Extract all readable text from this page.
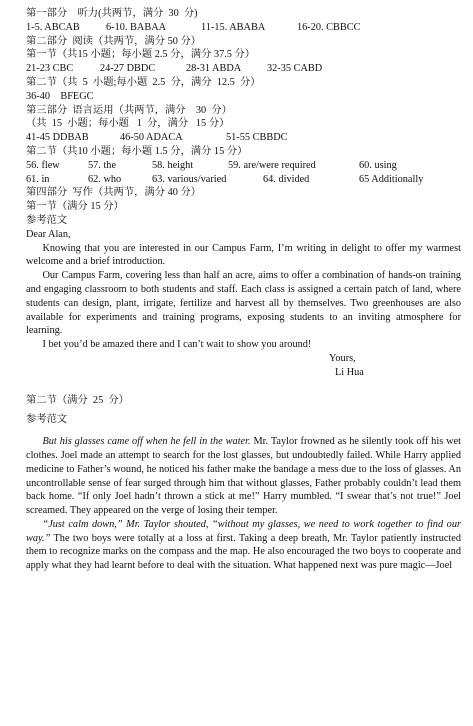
第一部分    听力(共两节，满分  30  分)
1-5. ABCAB	6-10. BABAA	11-15. ABABA	16-20. CBBCC
第二部分  阅读（共两节，满分 50 分）
第一节（共15 小题；每小题 2.5 分，满分 37.5 分）
21-23 CBC	24-27 DBDC	28-31 ABDA	32-35 CABD
第二节（共  5  小题;每小题  2.5  分，满分  12.5  分）
36-40    BFEGC
第三部分  语言运用（共两节，满分    30  分）
（共  15  小题；每小题   1  分，满分   15 分）
41-45 DDBAB	46-50 ADACA	51-55 CBBDC
第二节（共10 小题；每小题 1.5 分，满分 15 分）
56. flew	57. the	58. height	59. are/were required	60. using
61. in	62. who	63. various/varied	64. divided	65 Additionally
第四部分  写作（共两节，满分 40 分）
第一节（满分 15 分）
参考范文

Dear Alan,

Knowing that you are interested in our Campus Farm, I’m writing in delight to offer my warmest welcome and a brief introduction.

Our Campus Farm, covering less than half an acre, aims to offer a combination of hands-on training and engaging classroom to both students and staff. Each class is assigned a certain patch of land, where students can design, plant, irrigate, fertilize and harvest all by themselves. Two greenhouses are also available for experiments and training programs, exposing students to an inviting atmosphere for learning.

I bet you’d be amazed there and I can’t wait to show you around!

Yours,

Li Hua

第二节（满分  25  分）
参考范文

But his glasses came off when he fell in the water. Mr. Taylor frowned as he silently took off his wet clothes. Joel made an attempt to search for the lost glasses, but undoubtedly failed. While Harry applied medicine to Father’s wound, he noticed his father make the bandage a mess due to the loss of glasses. An uncontrollable sense of fear surged through him that without glasses, Father probably couldn’t lead them back home. “If only Joel hadn’t thrown a stick at me!” Harry mumbled. “I swear that’s not true!” Joel screamed. They appeared on the verge of losing their temper.

“Just calm down,” Mr. Taylor shouted, “without my glasses, we need to work together to find our way.” The two boys were totally at a loss at first. Taking a deep breath, Mr. Taylor patiently instructed them to recognize marks on the compass and the map. He also encouraged the two boys to cooperate and apply what they had learnt before to deal with the situation. What happened next was pure magic—Joel
